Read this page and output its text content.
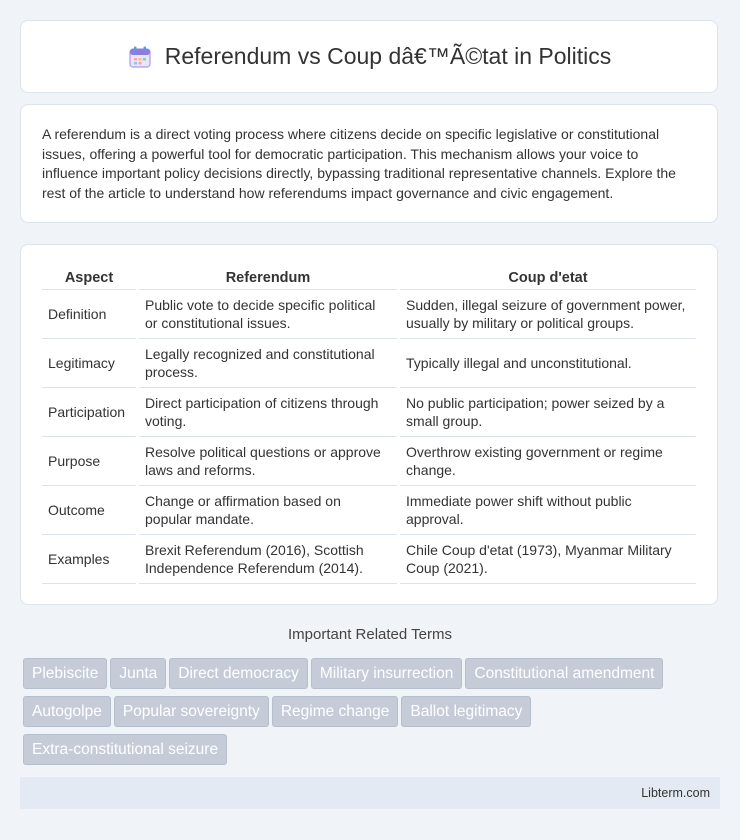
Referendum vs Coup dâ€™Ã©tat in Politics

A referendum is a direct voting process where citizens decide on specific legislative or constitutional issues, offering a powerful tool for democratic participation. This mechanism allows your voice to influence important policy decisions directly, bypassing traditional representative channels. Explore the rest of the article to understand how referendums impact governance and civic engagement.

Aspect	Referendum	Coup d'etat
Definition	Public vote to decide specific political or constitutional issues.	Sudden, illegal seizure of government power, usually by military or political groups.
Legitimacy	Legally recognized and constitutional process.	Typically illegal and unconstitutional.
Participation	Direct participation of citizens through voting.	No public participation; power seized by a small group.
Purpose	Resolve political questions or approve laws and reforms.	Overthrow existing government or regime change.
Outcome	Change or affirmation based on popular mandate.	Immediate power shift without public approval.
Examples	Brexit Referendum (2016), Scottish Independence Referendum (2014).	Chile Coup d'etat (1973), Myanmar Military Coup (2021).
Important Related Terms
Plebiscite Junta Direct democracy Military insurrection Constitutional amendment
Autogolpe Popular sovereignty Regime change Ballot legitimacy
Extra-constitutional seizure
Libterm.com
